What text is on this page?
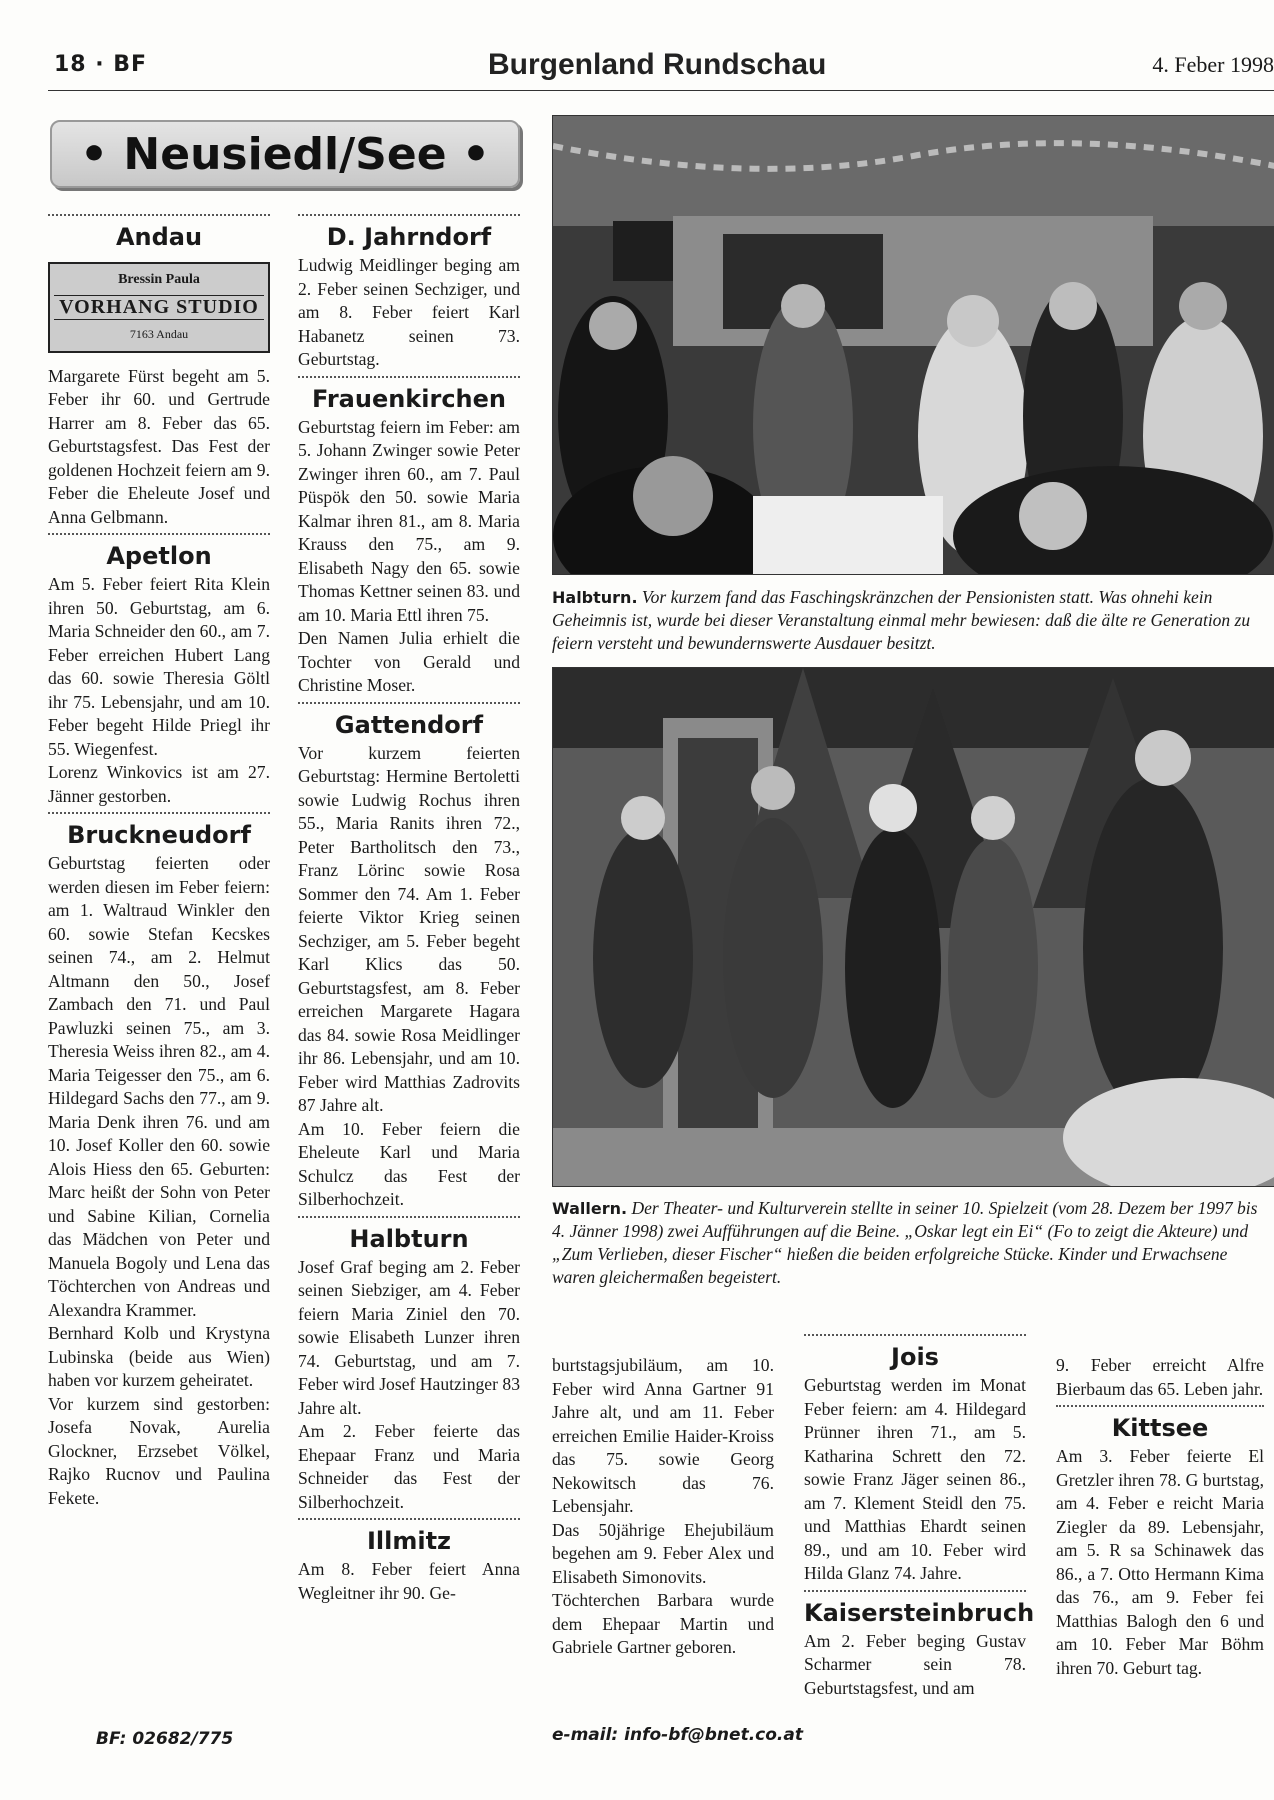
18 · BF	Burgenland Rundschau	4. Feber 1998
• Neusiedl/See •
Andau
Bressin Paula
VORHANG STUDIO
7163 Andau

Margarete Fürst begeht am 5. Feber ihr 60. und Gertrude Harrer am 8. Feber das 65. Geburtstagsfest. Das Fest der goldenen Hochzeit feiern am 9. Feber die Eheleute Josef und Anna Gelbmann.

Apetlon

Am 5. Feber feiert Rita Klein ihren 50. Geburtstag, am 6. Maria Schneider den 60., am 7. Feber erreichen Hubert Lang das 60. sowie Theresia Göltl ihr 75. Lebensjahr, und am 10. Feber begeht Hilde Priegl ihr 55. Wiegenfest.

Lorenz Winkovics ist am 27. Jänner gestorben.

Bruckneudorf

Geburtstag feierten oder werden diesen im Feber feiern: am 1. Waltraud Winkler den 60. sowie Stefan Kecskes seinen 74., am 2. Helmut Altmann den 50., Josef Zambach den 71. und Paul Pawluzki seinen 75., am 3. Theresia Weiss ihren 82., am 4. Maria Teigesser den 75., am 6. Hildegard Sachs den 77., am 9. Maria Denk ihren 76. und am 10. Josef Koller den 60. sowie Alois Hiess den 65. Geburten: Marc heißt der Sohn von Peter und Sabine Kilian, Cornelia das Mädchen von Peter und Manuela Bogoly und Lena das Töchterchen von Andreas und Alexandra Krammer.

Bernhard Kolb und Krystyna Lubinska (beide aus Wien) haben vor kurzem geheiratet.

Vor kurzem sind gestorben: Josefa Novak, Aurelia Glockner, Erzsebet Völkel, Rajko Rucnov und Paulina Fekete.

D. Jahrndorf

Ludwig Meidlinger beging am 2. Feber seinen Sechziger, und am 8. Feber feiert Karl Habanetz seinen 73. Geburtstag.

Frauenkirchen

Geburtstag feiern im Feber: am 5. Johann Zwinger sowie Peter Zwinger ihren 60., am 7. Paul Püspök den 50. sowie Maria Kalmar ihren 81., am 8. Maria Krauss den 75., am 9. Elisabeth Nagy den 65. sowie Thomas Kettner seinen 83. und am 10. Maria Ettl ihren 75.

Den Namen Julia erhielt die Tochter von Gerald und Christine Moser.

Gattendorf

Vor kurzem feierten Geburtstag: Hermine Bertoletti sowie Ludwig Rochus ihren 55., Maria Ranits ihren 72., Peter Bartholitsch den 73., Franz Lörinc sowie Rosa Sommer den 74. Am 1. Feber feierte Viktor Krieg seinen Sechziger, am 5. Feber begeht Karl Klics das 50. Geburtstagsfest, am 8. Feber erreichen Margarete Hagara das 84. sowie Rosa Meidlinger ihr 86. Lebensjahr, und am 10. Feber wird Matthias Zadrovits 87 Jahre alt.

Am 10. Feber feiern die Eheleute Karl und Maria Schulcz das Fest der Silberhochzeit.

Halbturn

Josef Graf beging am 2. Feber seinen Siebziger, am 4. Feber feiern Maria Ziniel den 70. sowie Elisabeth Lunzer ihren 74. Geburtstag, und am 7. Feber wird Josef Hautzinger 83 Jahre alt.

Am 2. Feber feierte das Ehepaar Franz und Maria Schneider das Fest der Silberhochzeit.

Illmitz

Am 8. Feber feiert Anna Wegleitner ihr 90. Ge-

Halbturn. Vor kurzem fand das Faschingskränzchen der Pensionisten statt. Was ohnehi kein Geheimnis ist, wurde bei dieser Veranstaltung einmal mehr bewiesen: daß die älte re Generation zu feiern versteht und bewundernswerte Ausdauer besitzt.
Wallern. Der Theater- und Kulturverein stellte in seiner 10. Spielzeit (vom 28. Dezem ber 1997 bis 4. Jänner 1998) zwei Aufführungen auf die Beine. „Oskar legt ein Ei“ (Fo to zeigt die Akteure) und „Zum Verlieben, dieser Fischer“ hießen die beiden erfolgreiche Stücke. Kinder und Erwachsene waren gleichermaßen begeistert.

burtstagsjubiläum, am 10. Feber wird Anna Gartner 91 Jahre alt, und am 11. Feber erreichen Emilie Haider-Kroiss das 75. sowie Georg Nekowitsch das 76. Lebensjahr.

Das 50jährige Ehejubiläum begehen am 9. Feber Alex und Elisabeth Simonovits.

Töchterchen Barbara wurde dem Ehepaar Martin und Gabriele Gartner geboren.

Jois

Geburtstag werden im Monat Feber feiern: am 4. Hildegard Prünner ihren 71., am 5. Katharina Schrett den 72. sowie Franz Jäger seinen 86., am 7. Klement Steidl den 75. und Matthias Ehardt seinen 89., und am 10. Feber wird Hilda Glanz 74. Jahre.

Kaisersteinbruch

Am 2. Feber beging Gustav Scharmer sein 78. Geburtstagsfest, und am

9. Feber erreicht Alfre Bierbaum das 65. Leben jahr.

Kittsee

Am 3. Feber feierte El Gretzler ihren 78. G burtstag, am 4. Feber e reicht Maria Ziegler da 89. Lebensjahr, am 5. R sa Schinawek das 86., a 7. Otto Hermann Kima das 76., am 9. Feber fei Matthias Balogh den 6 und am 10. Feber Mar Böhm ihren 70. Geburt tag.

BF: 02682/775	e-mail: info-bf@bnet.co.at
